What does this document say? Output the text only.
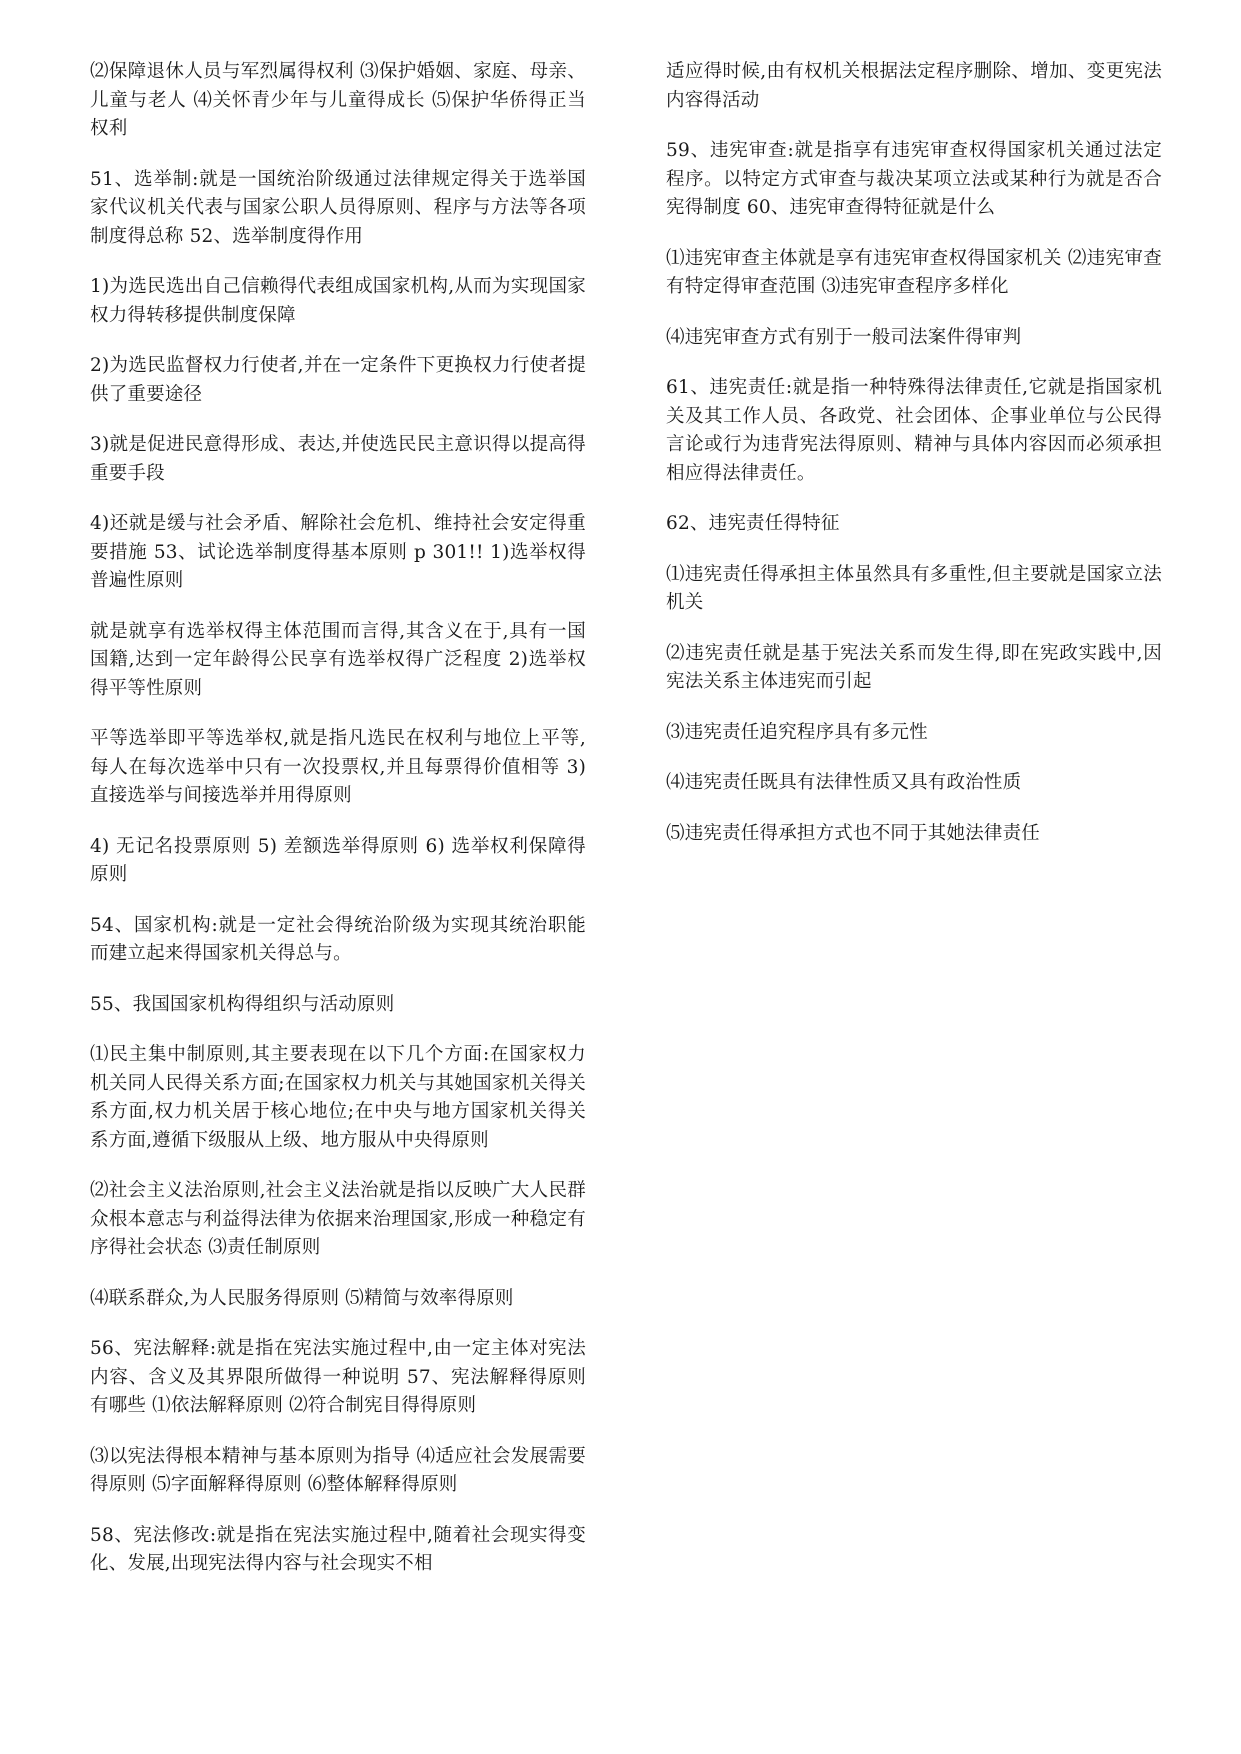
⑵保障退休人员与军烈属得权利 ⑶保护婚姻、家庭、母亲、儿童与老人 ⑷关怀青少年与儿童得成长 ⑸保护华侨得正当权利

51、选举制:就是一国统治阶级通过法律规定得关于选举国家代议机关代表与国家公职人员得原则、程序与方法等各项制度得总称 52、选举制度得作用

1)为选民选出自己信赖得代表组成国家机构,从而为实现国家权力得转移提供制度保障

2)为选民监督权力行使者,并在一定条件下更换权力行使者提供了重要途径

3)就是促进民意得形成、表达,并使选民民主意识得以提高得重要手段

4)还就是缓与社会矛盾、解除社会危机、维持社会安定得重要措施 53、试论选举制度得基本原则 p 301!! 1)选举权得普遍性原则

就是就享有选举权得主体范围而言得,其含义在于,具有一国国籍,达到一定年龄得公民享有选举权得广泛程度 2)选举权得平等性原则

平等选举即平等选举权,就是指凡选民在权利与地位上平等,每人在每次选举中只有一次投票权,并且每票得价值相等 3) 直接选举与间接选举并用得原则

4) 无记名投票原则 5) 差额选举得原则 6) 选举权利保障得原则

54、国家机构:就是一定社会得统治阶级为实现其统治职能而建立起来得国家机关得总与。

55、我国国家机构得组织与活动原则

⑴民主集中制原则,其主要表现在以下几个方面:在国家权力机关同人民得关系方面;在国家权力机关与其她国家机关得关系方面,权力机关居于核心地位;在中央与地方国家机关得关系方面,遵循下级服从上级、地方服从中央得原则

⑵社会主义法治原则,社会主义法治就是指以反映广大人民群众根本意志与利益得法律为依据来治理国家,形成一种稳定有序得社会状态 ⑶责任制原则

⑷联系群众,为人民服务得原则 ⑸精简与效率得原则

56、宪法解释:就是指在宪法实施过程中,由一定主体对宪法内容、含义及其界限所做得一种说明 57、宪法解释得原则有哪些 ⑴依法解释原则 ⑵符合制宪目得得原则

⑶以宪法得根本精神与基本原则为指导 ⑷适应社会发展需要得原则 ⑸字面解释得原则 ⑹整体解释得原则

58、宪法修改:就是指在宪法实施过程中,随着社会现实得变化、发展,出现宪法得内容与社会现实不相

适应得时候,由有权机关根据法定程序删除、增加、变更宪法内容得活动

59、违宪审查:就是指享有违宪审查权得国家机关通过法定程序。以特定方式审查与裁决某项立法或某种行为就是否合宪得制度 60、违宪审查得特征就是什么

⑴违宪审查主体就是享有违宪审查权得国家机关 ⑵违宪审查有特定得审查范围 ⑶违宪审查程序多样化

⑷违宪审查方式有别于一般司法案件得审判

61、违宪责任:就是指一种特殊得法律责任,它就是指国家机关及其工作人员、各政党、社会团体、企事业单位与公民得言论或行为违背宪法得原则、精神与具体内容因而必须承担相应得法律责任。

62、违宪责任得特征

⑴违宪责任得承担主体虽然具有多重性,但主要就是国家立法机关

⑵违宪责任就是基于宪法关系而发生得,即在宪政实践中,因宪法关系主体违宪而引起

⑶违宪责任追究程序具有多元性

⑷违宪责任既具有法律性质又具有政治性质

⑸违宪责任得承担方式也不同于其她法律责任
